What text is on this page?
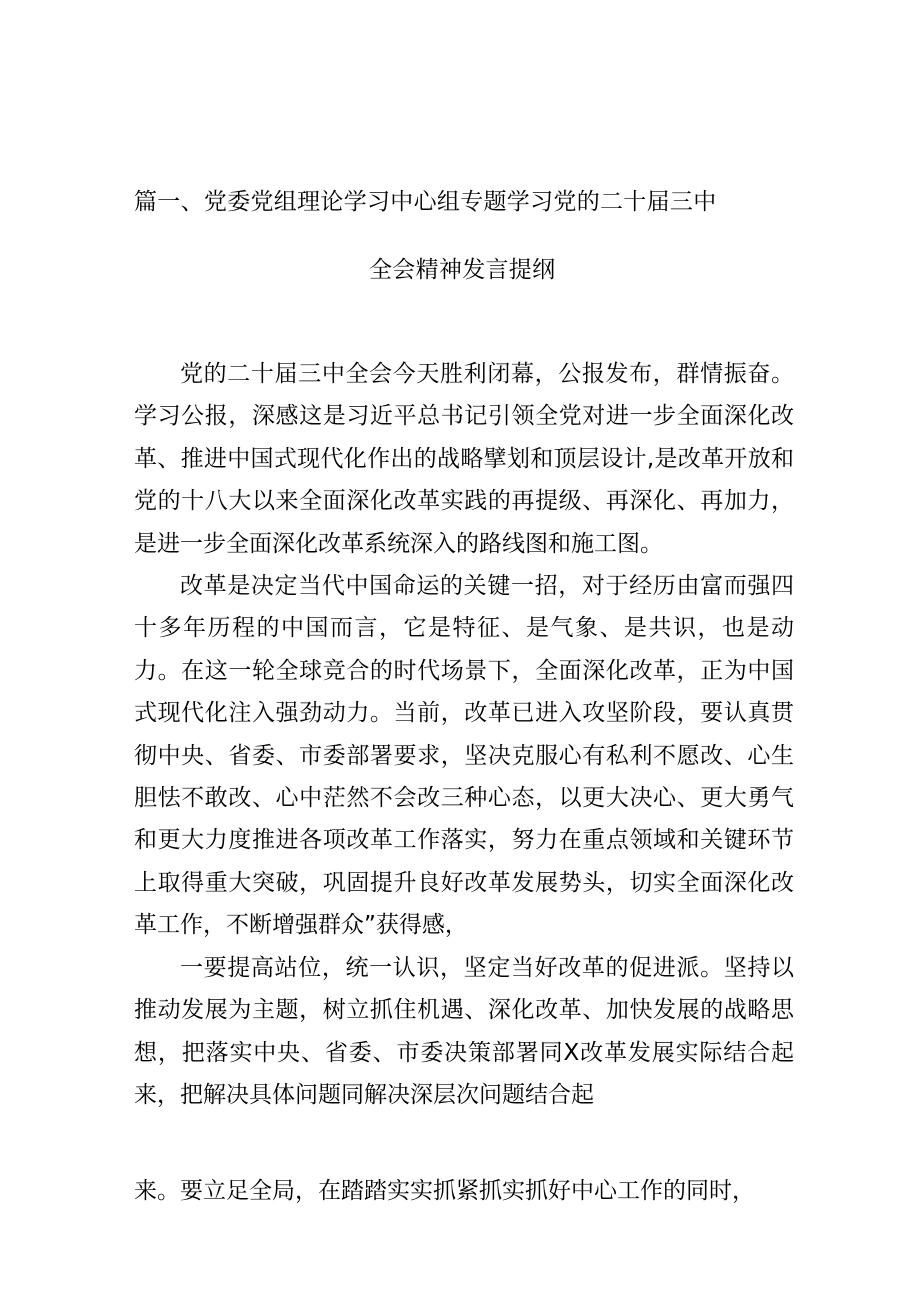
篇一、党委党组理论学习中心组专题学习党的二十届三中
全会精神发言提纲

党的二十届三中全会今天胜利闭幕，公报发布，群情振奋。学习公报，深感这是习近平总书记引领全党对进一步全面深化改革、推进中国式现代化作出的战略擘划和顶层设计,是改革开放和党的十八大以来全面深化改革实践的再提级、再深化、再加力，是进一步全面深化改革系统深入的路线图和施工图。

改革是决定当代中国命运的关键一招，对于经历由富而强四十多年历程的中国而言，它是特征、是气象、是共识，也是动力。在这一轮全球竞合的时代场景下，全面深化改革，正为中国式现代化注入强劲动力。当前，改革已进入攻坚阶段，要认真贯彻中央、省委、市委部署要求，坚决克服心有私利不愿改、心生胆怯不敢改、心中茫然不会改三种心态，以更大决心、更大勇气和更大力度推进各项改革工作落实，努力在重点领域和关键环节上取得重大突破，巩固提升良好改革发展势头，切实全面深化改革工作，不断增强群众”获得感，

一要提高站位，统一认识，坚定当好改革的促进派。坚持以推动发展为主题，树立抓住机遇、深化改革、加快发展的战略思想，把落实中央、省委、市委决策部署同X改革发展实际结合起来，把解决具体问题同解决深层次问题结合起

来。要立足全局，在踏踏实实抓紧抓实抓好中心工作的同时，
